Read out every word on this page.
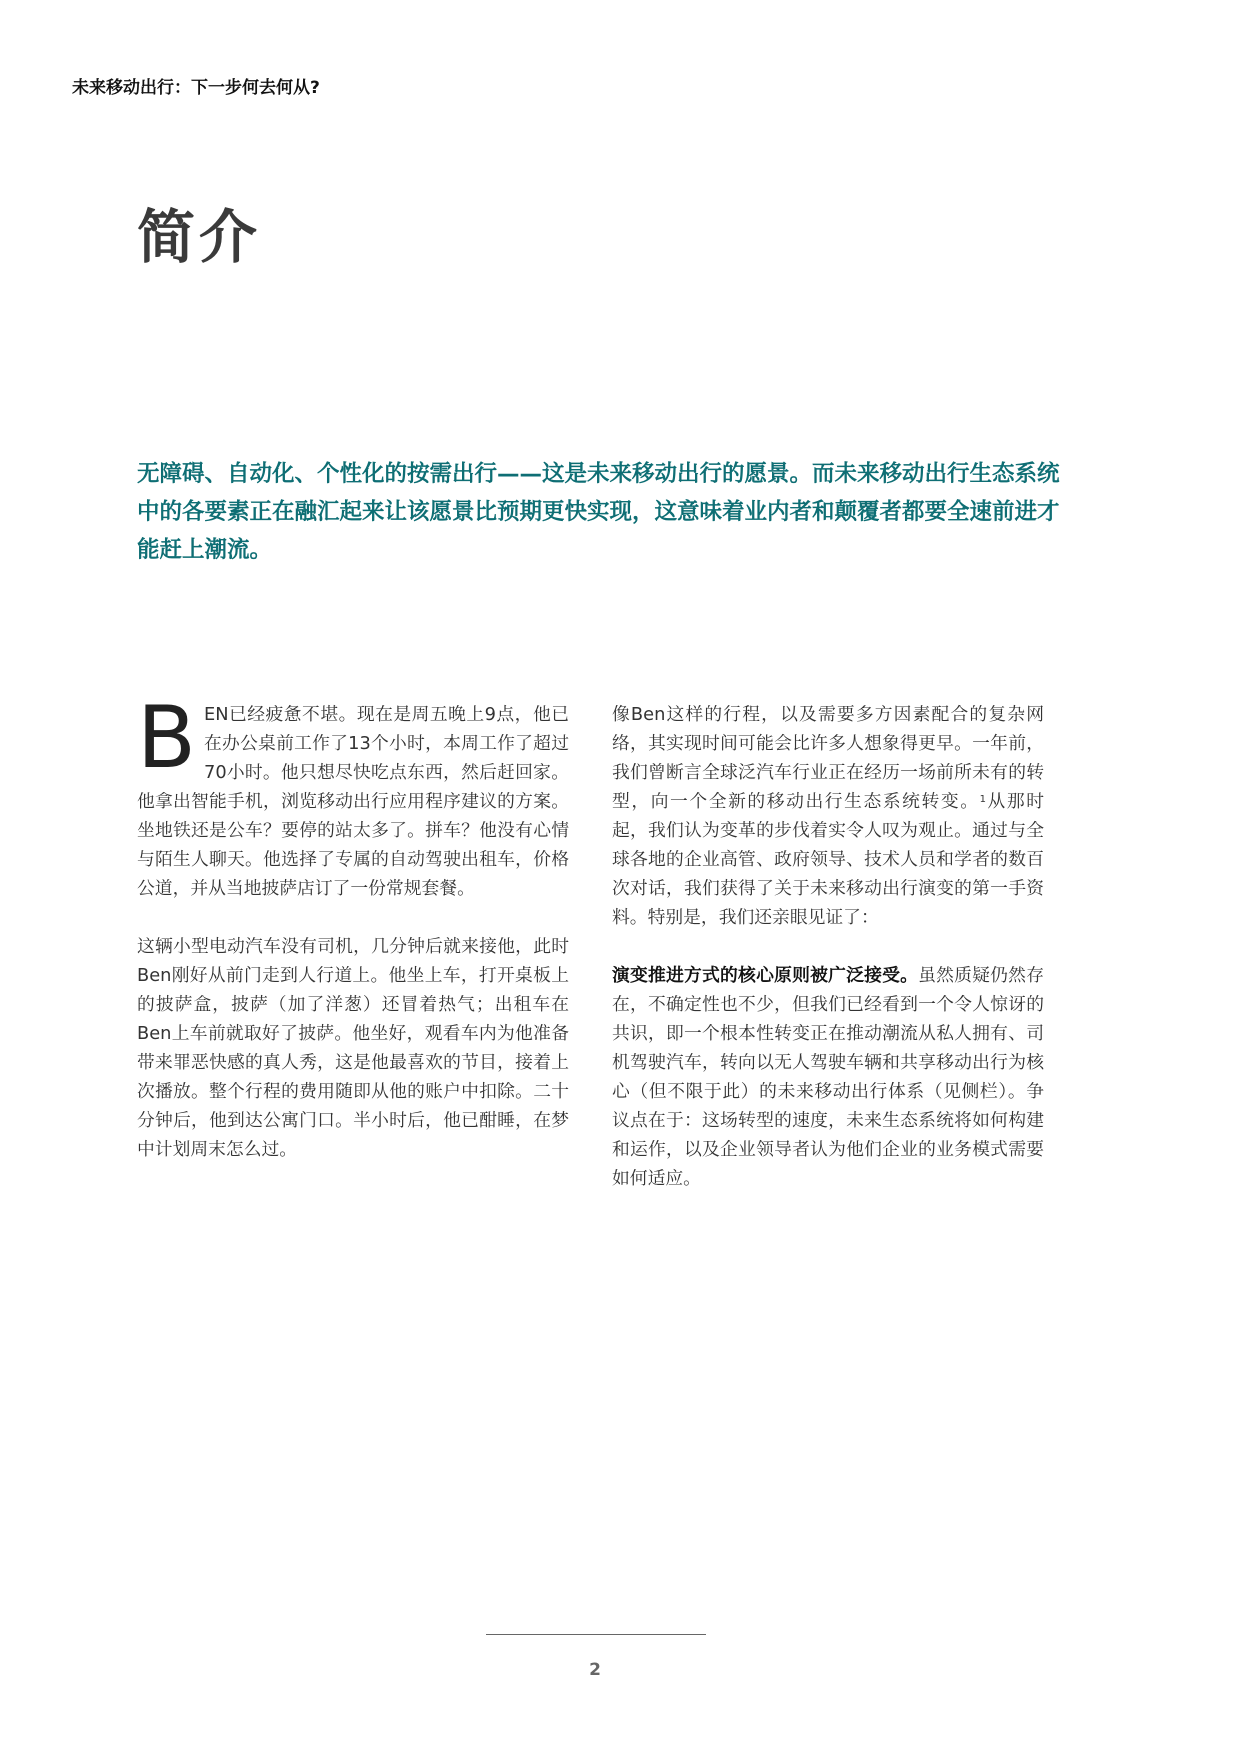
未来移动出行：下一步何去何从?
简介

无障碍、自动化、个性化的按需出行——这是未来移动出行的愿景。而未来移动出行生态系统中的各要素正在融汇起来让该愿景比预期更快实现，这意味着业内者和颠覆者都要全速前进才能赶上潮流。

BEN已经疲惫不堪。现在是周五晚上9点，他已在办公桌前工作了13个小时，本周工作了超过70小时。他只想尽快吃点东西，然后赶回家。他拿出智能手机，浏览移动出行应用程序建议的方案。坐地铁还是公车？要停的站太多了。拼车？他没有心情与陌生人聊天。他选择了专属的自动驾驶出租车，价格公道，并从当地披萨店订了一份常规套餐。

这辆小型电动汽车没有司机，几分钟后就来接他，此时Ben刚好从前门走到人行道上。他坐上车，打开桌板上的披萨盒，披萨（加了洋葱）还冒着热气；出租车在Ben上车前就取好了披萨。他坐好，观看车内为他准备带来罪恶快感的真人秀，这是他最喜欢的节目，接着上次播放。整个行程的费用随即从他的账户中扣除。二十分钟后，他到达公寓门口。半小时后，他已酣睡，在梦中计划周末怎么过。

像Ben这样的行程，以及需要多方因素配合的复杂网络，其实现时间可能会比许多人想象得更早。一年前，我们曾断言全球泛汽车行业正在经历一场前所未有的转型，向一个全新的移动出行生态系统转变。$^1$从那时起，我们认为变革的步伐着实令人叹为观止。通过与全球各地的企业高管、政府领导、技术人员和学者的数百次对话，我们获得了关于未来移动出行演变的第一手资料。特别是，我们还亲眼见证了：

演变推进方式的核心原则被广泛接受。虽然质疑仍然存在，不确定性也不少，但我们已经看到一个令人惊讶的共识，即一个根本性转变正在推动潮流从私人拥有、司机驾驶汽车，转向以无人驾驶车辆和共享移动出行为核心（但不限于此）的未来移动出行体系（见侧栏）。争议点在于：这场转型的速度，未来生态系统将如何构建和运作，以及企业领导者认为他们企业的业务模式需要如何适应。

2
